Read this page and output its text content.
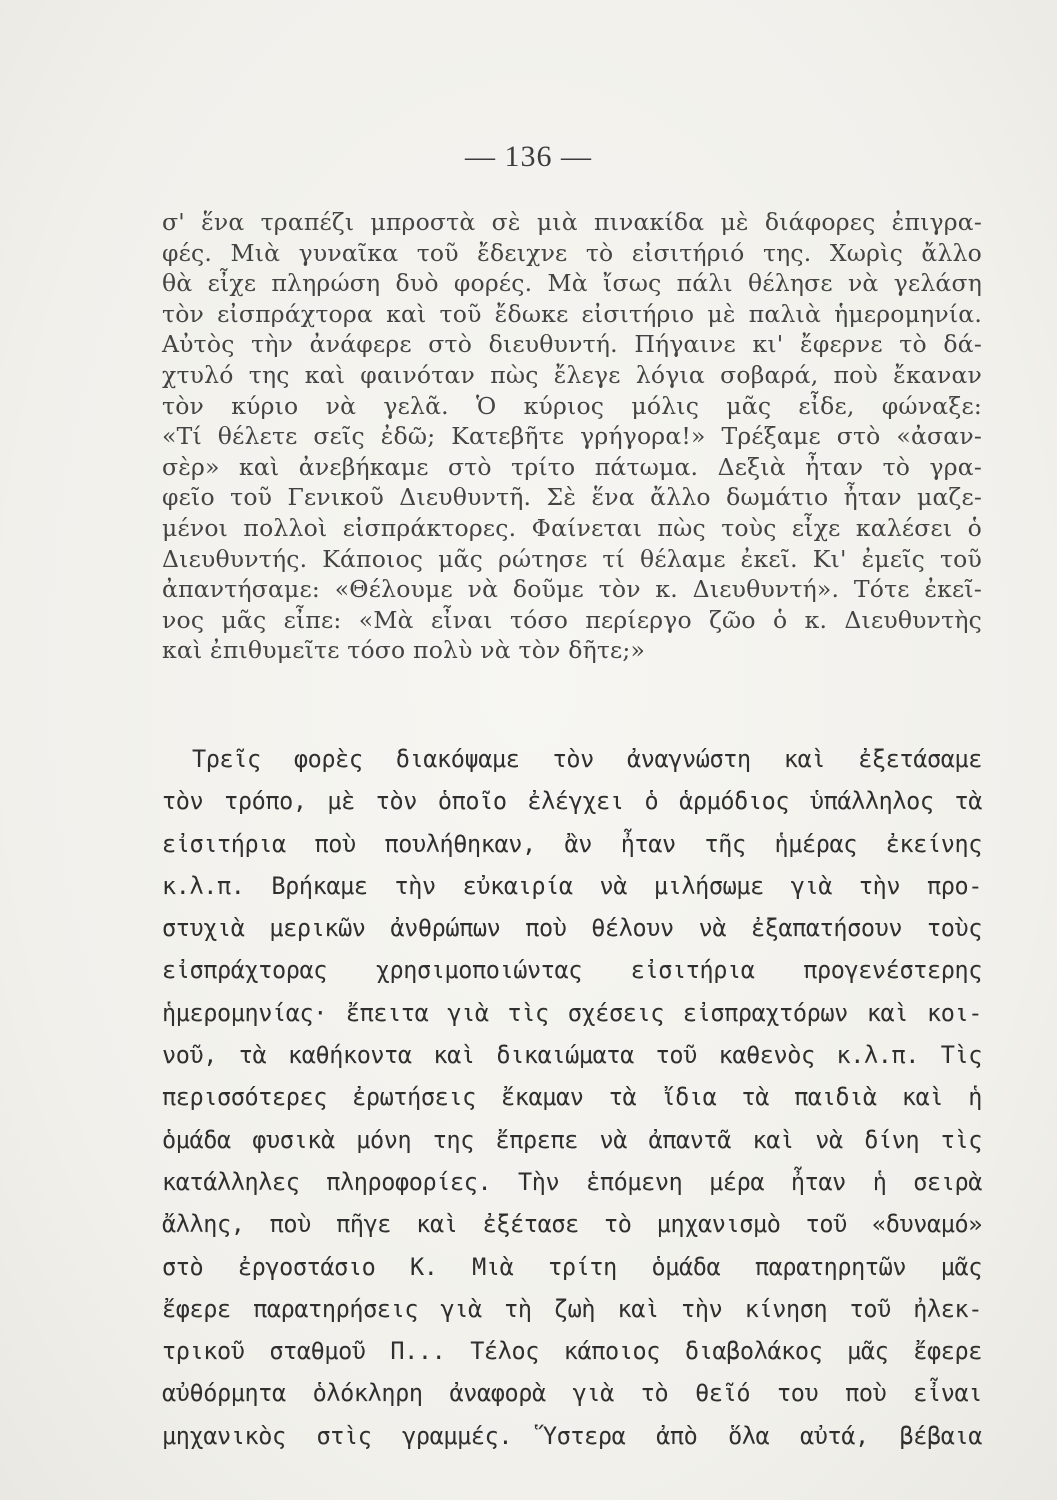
— 136 —
σ' ἕνα τραπέζι μπροστὰ σὲ μιὰ πινακίδα μὲ διάφορες ἐπιγρα-
φές. Μιὰ γυναῖκα τοῦ ἔδειχνε τὸ εἰσιτήριό της. Χωρὶς ἄλλο
θὰ εἶχε πληρώση δυὸ φορές. Μὰ ἴσως πάλι θέλησε νὰ γελάση
τὸν εἰσπράχτορα καὶ τοῦ ἔδωκε εἰσιτήριο μὲ παλιὰ ἡμερομηνία.
Αὐτὸς τὴν ἀνάφερε στὸ διευθυντή. Πήγαινε κι' ἔφερνε τὸ δά-
χτυλό της καὶ φαινόταν πὼς ἔλεγε λόγια σοβαρά, ποὺ ἔκαναν
τὸν κύριο νὰ γελᾶ. Ὁ κύριος μόλις μᾶς εἶδε, φώναξε:
«Τί θέλετε σεῖς ἐδῶ; Κατεβῆτε γρήγορα!» Τρέξαμε στὸ «ἀσαν-
σὲρ» καὶ ἀνεβήκαμε στὸ τρίτο πάτωμα. Δεξιὰ ἦταν τὸ γρα-
φεῖο τοῦ Γενικοῦ Διευθυντῆ. Σὲ ἕνα ἄλλο δωμάτιο ἦταν μαζε-
μένοι πολλοὶ εἰσπράκτορες. Φαίνεται πὼς τοὺς εἶχε καλέσει ὁ
Διευθυντής. Κάποιος μᾶς ρώτησε τί θέλαμε ἐκεῖ. Κι' ἐμεῖς τοῦ
ἀπαντήσαμε: «Θέλουμε νὰ δοῦμε τὸν κ. Διευθυντή». Τότε ἐκεῖ-
νος μᾶς εἶπε: «Μὰ εἶναι τόσο περίεργο ζῶο ὁ κ. Διευθυντὴς
καὶ ἐπιθυμεῖτε τόσο πολὺ νὰ τὸν δῆτε;»
Τρεῖς φορὲς διακόψαμε τὸν ἀναγνώστη καὶ ἐξετάσαμε
τὸν τρόπο, μὲ τὸν ὁποῖο ἐλέγχει ὁ ἁρμόδιος ὑπάλληλος τὰ
εἰσιτήρια ποὺ πουλήθηκαν, ἂν ἦταν τῆς ἡμέρας ἐκείνης
κ.λ.π. Βρήκαμε τὴν εὐκαιρία νὰ μιλήσωμε γιὰ τὴν προ-
στυχιὰ μερικῶν ἀνθρώπων ποὺ θέλουν νὰ ἐξαπατήσουν τοὺς
εἰσπράχτορας χρησιμοποιώντας εἰσιτήρια προγενέστερης
ἡμερομηνίας· ἔπειτα γιὰ τὶς σχέσεις εἰσπραχτόρων καὶ κοι-
νοῦ, τὰ καθήκοντα καὶ δικαιώματα τοῦ καθενὸς κ.λ.π. Τὶς
περισσότερες ἐρωτήσεις ἔκαμαν τὰ ἴδια τὰ παιδιὰ καὶ ἡ
ὁμάδα φυσικὰ μόνη της ἔπρεπε νὰ ἀπαντᾶ καὶ νὰ δίνη τὶς
κατάλληλες πληροφορίες. Τὴν ἑπόμενη μέρα ἦταν ἡ σειρὰ
ἄλλης, ποὺ πῆγε καὶ ἐξέτασε τὸ μηχανισμὸ τοῦ «δυναμό»
στὸ ἐργοστάσιο Κ. Μιὰ τρίτη ὁμάδα παρατηρητῶν μᾶς
ἔφερε παρατηρήσεις γιὰ τὴ ζωὴ καὶ τὴν κίνηση τοῦ ἠλεκ-
τρικοῦ σταθμοῦ Π... Τέλος κάποιος διαβολάκος μᾶς ἔφερε
αὐθόρμητα ὁλόκληρη ἀναφορὰ γιὰ τὸ θεῖό του ποὺ εἶναι
μηχανικὸς στὶς γραμμές. Ὕστερα ἀπὸ ὅλα αὐτά, βέβαια
